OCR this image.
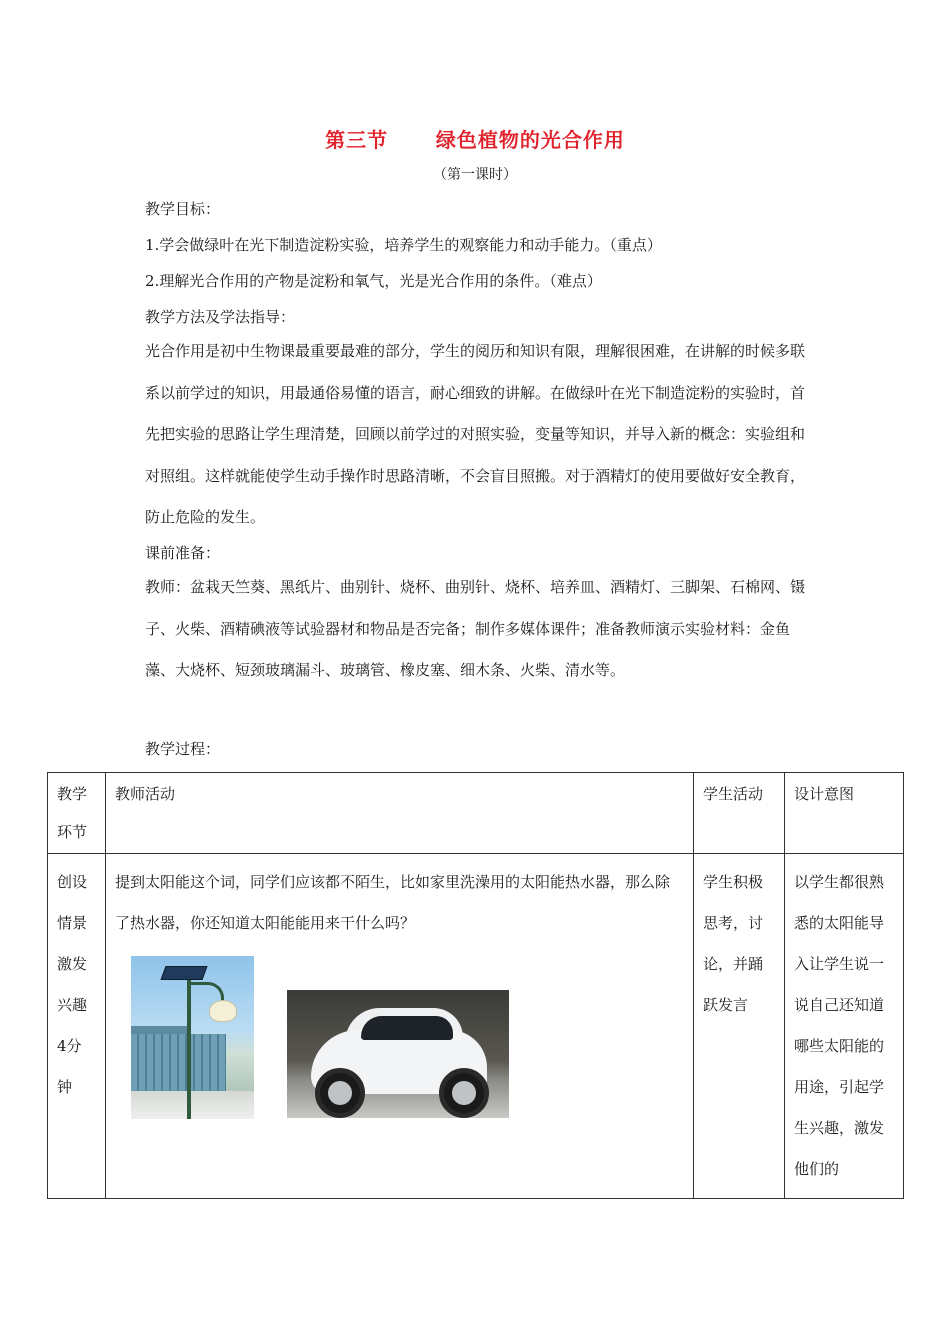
第三节      绿色植物的光合作用
（第一课时）
教学目标：
1.学会做绿叶在光下制造淀粉实验，培养学生的观察能力和动手能力。（重点）
2.理解光合作用的产物是淀粉和氧气，光是光合作用的条件。（难点）
教学方法及学法指导：

光合作用是初中生物课最重要最难的部分，学生的阅历和知识有限，理解很困难，在讲解的时候多联系以前学过的知识，用最通俗易懂的语言，耐心细致的讲解。在做绿叶在光下制造淀粉的实验时，首先把实验的思路让学生理清楚，回顾以前学过的对照实验，变量等知识，并导入新的概念：实验组和对照组。这样就能使学生动手操作时思路清晰，不会盲目照搬。对于酒精灯的使用要做好安全教育，防止危险的发生。

课前准备：

教师：盆栽天竺葵、黑纸片、曲别针、烧杯、曲别针、烧杯、培养皿、酒精灯、三脚架、石棉网、镊子、火柴、酒精碘液等试验器材和物品是否完备；制作多媒体课件；准备教师演示实验材料：金鱼藻、大烧杯、短颈玻璃漏斗、玻璃管、橡皮塞、细木条、火柴、清水等。

教学过程：
教学环节	教师活动	学生活动	设计意图
创设情景激发兴趣4分钟	提到太阳能这个词，同学们应该都不陌生，比如家里洗澡用的太阳能热水器，那么除了热水器，你还知道太阳能能用来干什么吗？	学生积极思考，讨论，并踊跃发言	以学生都很熟悉的太阳能导入让学生说一说自己还知道哪些太阳能的用途，引起学生兴趣，激发他们的
